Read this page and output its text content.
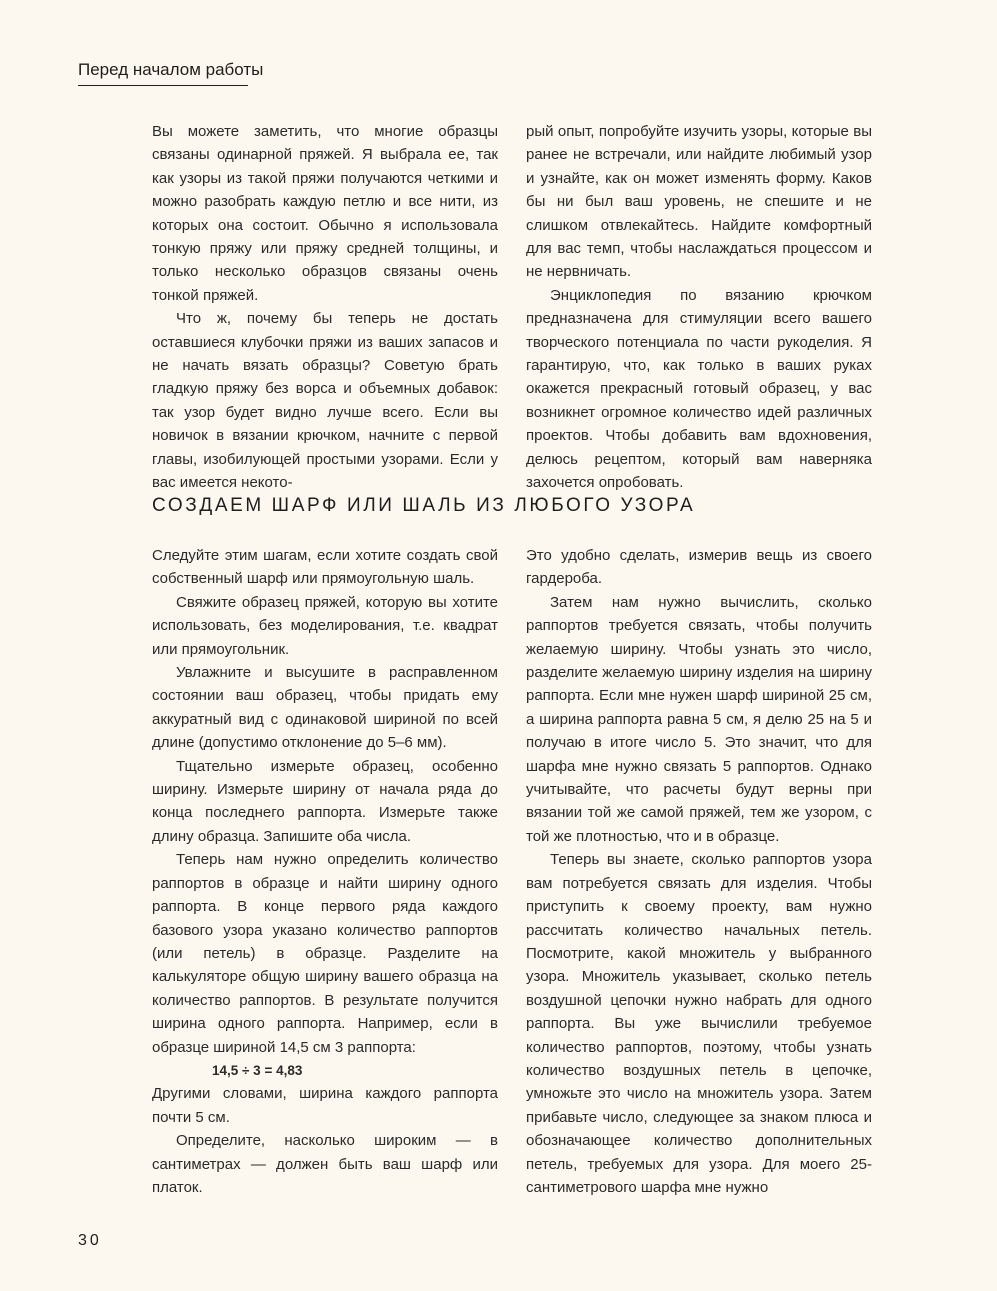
Перед началом работы

Вы можете заметить, что многие образцы связаны одинарной пряжей. Я выбрала ее, так как узоры из такой пряжи получаются четкими и можно разобрать каждую петлю и все нити, из которых она состоит. Обычно я использовала тонкую пряжу или пряжу средней толщины, и только несколько образцов связаны очень тонкой пряжей.

Что ж, почему бы теперь не достать оставшиеся клубочки пряжи из ваших запасов и не начать вязать образцы? Советую брать гладкую пряжу без ворса и объемных добавок: так узор будет видно лучше всего. Если вы новичок в вязании крючком, начните с первой главы, изобилующей простыми узорами. Если у вас имеется некото-

рый опыт, попробуйте изучить узоры, которые вы ранее не встречали, или найдите любимый узор и узнайте, как он может изменять форму. Каков бы ни был ваш уровень, не спешите и не слишком отвлекайтесь. Найдите комфортный для вас темп, чтобы наслаждаться процессом и не нервничать.

Энциклопедия по вязанию крючком предназначена для стимуляции всего вашего творческого потенциала по части рукоделия. Я гарантирую, что, как только в ваших руках окажется прекрасный готовый образец, у вас возникнет огромное количество идей различных проектов. Чтобы добавить вам вдохновения, делюсь рецептом, который вам наверняка захочется опробовать.

СОЗДАЕМ ШАРФ ИЛИ ШАЛЬ ИЗ ЛЮБОГО УЗОРА

Следуйте этим шагам, если хотите создать свой собственный шарф или прямоугольную шаль.

Свяжите образец пряжей, которую вы хотите использовать, без моделирования, т.е. квадрат или прямоугольник.

Увлажните и высушите в расправленном состоянии ваш образец, чтобы придать ему аккуратный вид с одинаковой шириной по всей длине (допустимо отклонение до 5–6 мм).

Тщательно измерьте образец, особенно ширину. Измерьте ширину от начала ряда до конца последнего раппорта. Измерьте также длину образца. Запишите оба числа.

Теперь нам нужно определить количество раппортов в образце и найти ширину одного раппорта. В конце первого ряда каждого базового узора указано количество раппортов (или петель) в образце. Разделите на калькуляторе общую ширину вашего образца на количество раппортов. В результате получится ширина одного раппорта. Например, если в образце шириной 14,5 см 3 раппорта:

14,5 ÷ 3 = 4,83

Другими словами, ширина каждого раппорта почти 5 см.

Определите, насколько широким — в сантиметрах — должен быть ваш шарф или платок.

Это удобно сделать, измерив вещь из своего гардероба.

Затем нам нужно вычислить, сколько раппортов требуется связать, чтобы получить желаемую ширину. Чтобы узнать это число, разделите желаемую ширину изделия на ширину раппорта. Если мне нужен шарф шириной 25 см, а ширина раппорта равна 5 см, я делю 25 на 5 и получаю в итоге число 5. Это значит, что для шарфа мне нужно связать 5 раппортов. Однако учитывайте, что расчеты будут верны при вязании той же самой пряжей, тем же узором, с той же плотностью, что и в образце.

Теперь вы знаете, сколько раппортов узора вам потребуется связать для изделия. Чтобы приступить к своему проекту, вам нужно рассчитать количество начальных петель. Посмотрите, какой множитель у выбранного узора. Множитель указывает, сколько петель воздушной цепочки нужно набрать для одного раппорта. Вы уже вычислили требуемое количество раппортов, поэтому, чтобы узнать количество воздушных петель в цепочке, умножьте это число на множитель узора. Затем прибавьте число, следующее за знаком плюса и обозначающее количество дополнительных петель, требуемых для узора. Для моего 25-сантиметрового шарфа мне нужно

30
